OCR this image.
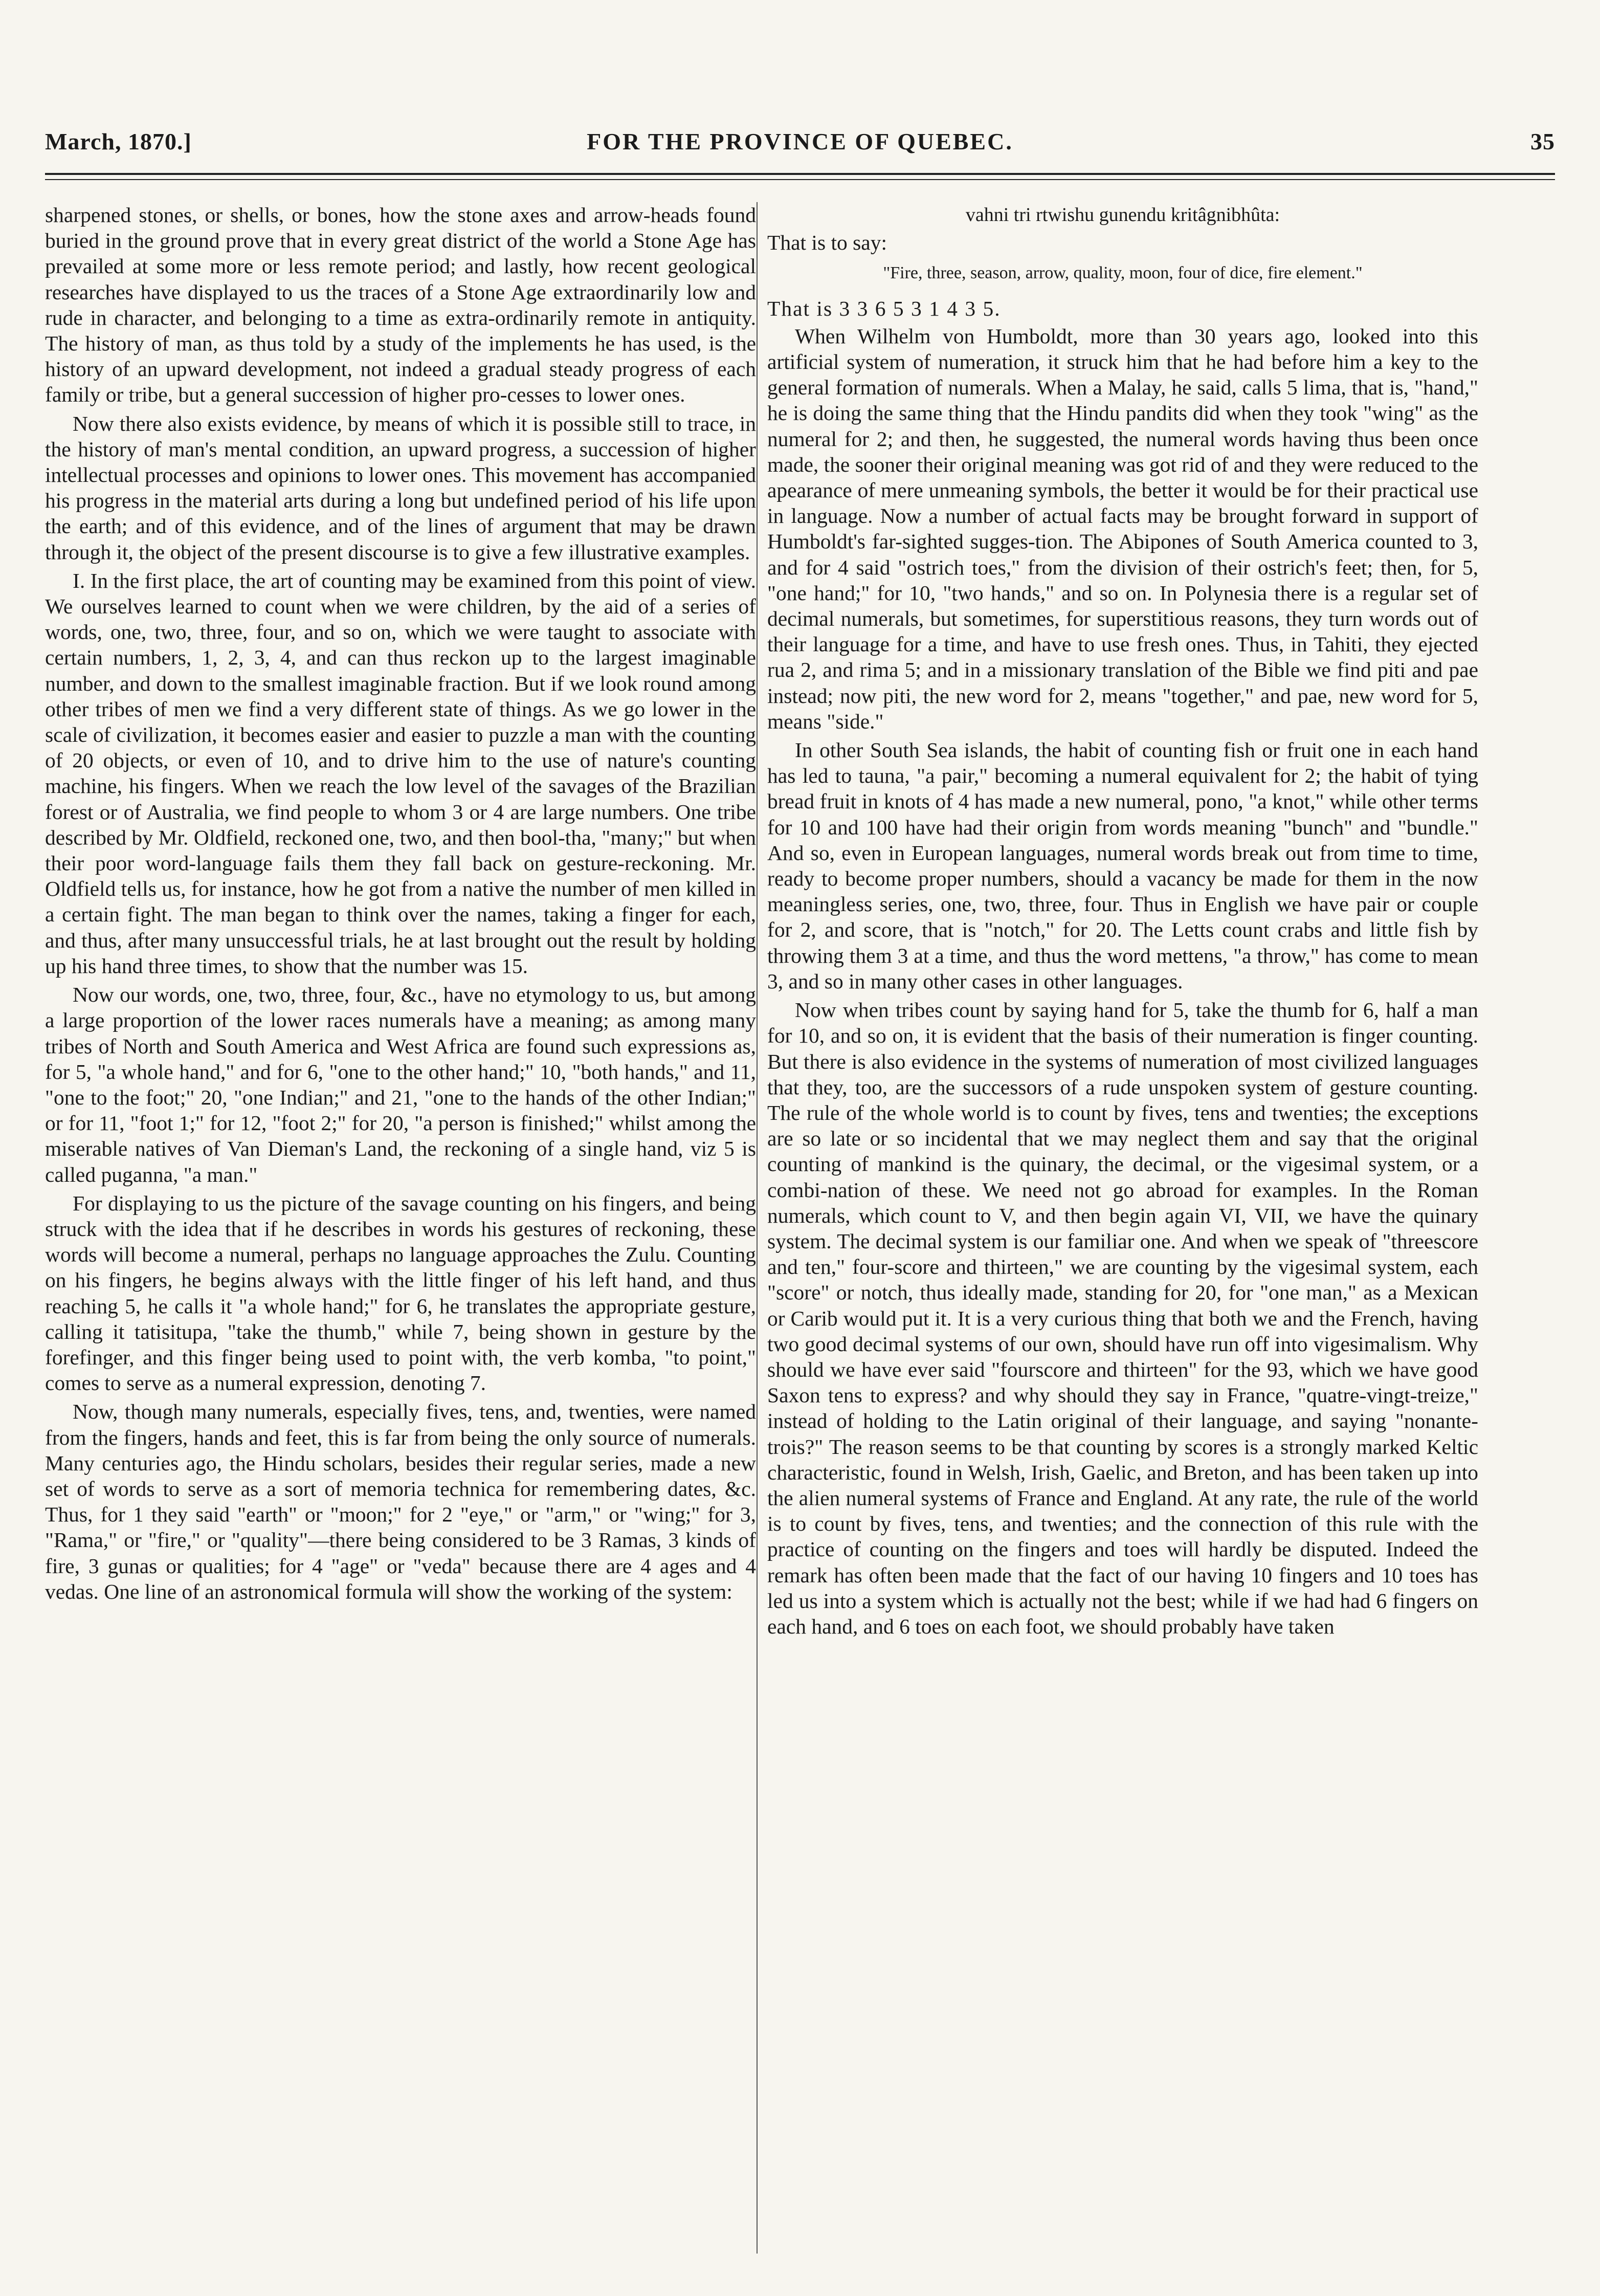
March, 1870.]	FOR THE PROVINCE OF QUEBEC.	35

sharpened stones, or shells, or bones, how the stone axes and arrow-heads found buried in the ground prove that in every great district of the world a Stone Age has prevailed at some more or less remote period; and lastly, how recent geological researches have displayed to us the traces of a Stone Age extraordinarily low and rude in character, and belonging to a time as extra-ordinarily remote in antiquity. The history of man, as thus told by a study of the implements he has used, is the history of an upward development, not indeed a gradual steady progress of each family or tribe, but a general succession of higher pro-cesses to lower ones.

Now there also exists evidence, by means of which it is possible still to trace, in the history of man's mental condition, an upward progress, a succession of higher intellectual processes and opinions to lower ones. This movement has accompanied his progress in the material arts during a long but undefined period of his life upon the earth; and of this evidence, and of the lines of argument that may be drawn through it, the object of the present discourse is to give a few illustrative examples.

I. In the first place, the art of counting may be examined from this point of view. We ourselves learned to count when we were children, by the aid of a series of words, one, two, three, four, and so on, which we were taught to associate with certain numbers, 1, 2, 3, 4, and can thus reckon up to the largest imaginable number, and down to the smallest imaginable fraction. But if we look round among other tribes of men we find a very different state of things. As we go lower in the scale of civilization, it becomes easier and easier to puzzle a man with the counting of 20 objects, or even of 10, and to drive him to the use of nature's counting machine, his fingers. When we reach the low level of the savages of the Brazilian forest or of Australia, we find people to whom 3 or 4 are large numbers. One tribe described by Mr. Oldfield, reckoned one, two, and then bool-tha, "many;" but when their poor word-language fails them they fall back on gesture-reckoning. Mr. Oldfield tells us, for instance, how he got from a native the number of men killed in a certain fight. The man began to think over the names, taking a finger for each, and thus, after many unsuccessful trials, he at last brought out the result by holding up his hand three times, to show that the number was 15.

Now our words, one, two, three, four, &c., have no etymology to us, but among a large proportion of the lower races numerals have a meaning; as among many tribes of North and South America and West Africa are found such expressions as, for 5, "a whole hand," and for 6, "one to the other hand;" 10, "both hands," and 11, "one to the foot;" 20, "one Indian;" and 21, "one to the hands of the other Indian;" or for 11, "foot 1;" for 12, "foot 2;" for 20, "a person is finished;" whilst among the miserable natives of Van Dieman's Land, the reckoning of a single hand, viz 5 is called puganna, "a man."

For displaying to us the picture of the savage counting on his fingers, and being struck with the idea that if he describes in words his gestures of reckoning, these words will become a numeral, perhaps no language approaches the Zulu. Counting on his fingers, he begins always with the little finger of his left hand, and thus reaching 5, he calls it "a whole hand;" for 6, he translates the appropriate gesture, calling it tatisitupa, "take the thumb," while 7, being shown in gesture by the forefinger, and this finger being used to point with, the verb komba, "to point," comes to serve as a numeral expression, denoting 7.

Now, though many numerals, especially fives, tens, and, twenties, were named from the fingers, hands and feet, this is far from being the only source of numerals. Many centuries ago, the Hindu scholars, besides their regular series, made a new set of words to serve as a sort of memoria technica for remembering dates, &c. Thus, for 1 they said "earth" or "moon;" for 2 "eye," or "arm," or "wing;" for 3, "Rama," or "fire," or "quality"—there being considered to be 3 Ramas, 3 kinds of fire, 3 gunas or qualities; for 4 "age" or "veda" because there are 4 ages and 4 vedas. One line of an astronomical formula will show the working of the system:

vahni tri rtwishu gunendu kritâgnibhûta:

That is to say:

"Fire, three, season, arrow, quality, moon, four of dice, fire element."

That is 3 3 6 5 3 1 4 3 5.

When Wilhelm von Humboldt, more than 30 years ago, looked into this artificial system of numeration, it struck him that he had before him a key to the general formation of numerals. When a Malay, he said, calls 5 lima, that is, "hand," he is doing the same thing that the Hindu pandits did when they took "wing" as the numeral for 2; and then, he suggested, the numeral words having thus been once made, the sooner their original meaning was got rid of and they were reduced to the apearance of mere unmeaning symbols, the better it would be for their practical use in language. Now a number of actual facts may be brought forward in support of Humboldt's far-sighted sugges-tion. The Abipones of South America counted to 3, and for 4 said "ostrich toes," from the division of their ostrich's feet; then, for 5, "one hand;" for 10, "two hands," and so on. In Polynesia there is a regular set of decimal numerals, but sometimes, for superstitious reasons, they turn words out of their language for a time, and have to use fresh ones. Thus, in Tahiti, they ejected rua 2, and rima 5; and in a missionary translation of the Bible we find piti and pae instead; now piti, the new word for 2, means "together," and pae, new word for 5, means "side."

In other South Sea islands, the habit of counting fish or fruit one in each hand has led to tauna, "a pair," becoming a numeral equivalent for 2; the habit of tying bread fruit in knots of 4 has made a new numeral, pono, "a knot," while other terms for 10 and 100 have had their origin from words meaning "bunch" and "bundle." And so, even in European languages, numeral words break out from time to time, ready to become proper numbers, should a vacancy be made for them in the now meaningless series, one, two, three, four. Thus in English we have pair or couple for 2, and score, that is "notch," for 20. The Letts count crabs and little fish by throwing them 3 at a time, and thus the word mettens, "a throw," has come to mean 3, and so in many other cases in other languages.

Now when tribes count by saying hand for 5, take the thumb for 6, half a man for 10, and so on, it is evident that the basis of their numeration is finger counting. But there is also evidence in the systems of numeration of most civilized languages that they, too, are the successors of a rude unspoken system of gesture counting. The rule of the whole world is to count by fives, tens and twenties; the exceptions are so late or so incidental that we may neglect them and say that the original counting of mankind is the quinary, the decimal, or the vigesimal system, or a combi-nation of these. We need not go abroad for examples. In the Roman numerals, which count to V, and then begin again VI, VII, we have the quinary system. The decimal system is our familiar one. And when we speak of "threescore and ten," four-score and thirteen," we are counting by the vigesimal system, each "score" or notch, thus ideally made, standing for 20, for "one man," as a Mexican or Carib would put it. It is a very curious thing that both we and the French, having two good decimal systems of our own, should have run off into vigesimalism. Why should we have ever said "fourscore and thirteen" for the 93, which we have good Saxon tens to express? and why should they say in France, "quatre-vingt-treize," instead of holding to the Latin original of their language, and saying "nonante-trois?" The reason seems to be that counting by scores is a strongly marked Keltic characteristic, found in Welsh, Irish, Gaelic, and Breton, and has been taken up into the alien numeral systems of France and England. At any rate, the rule of the world is to count by fives, tens, and twenties; and the connection of this rule with the practice of counting on the fingers and toes will hardly be disputed. Indeed the remark has often been made that the fact of our having 10 fingers and 10 toes has led us into a system which is actually not the best; while if we had had 6 fingers on each hand, and 6 toes on each foot, we should probably have taken
